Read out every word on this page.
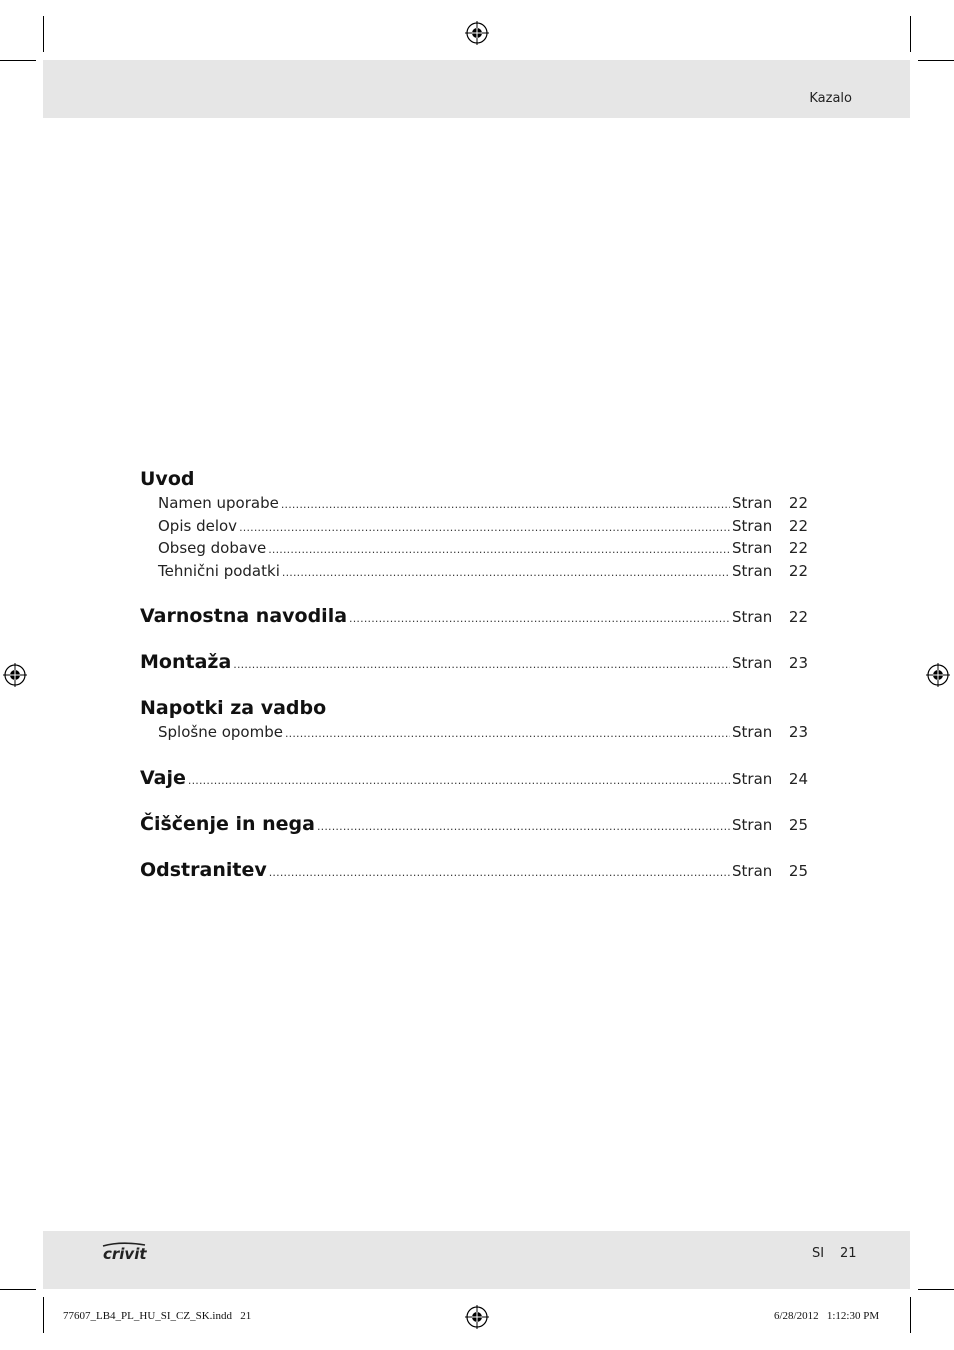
Kazalo
Uvod
Namen uporabe .....	Stran	22
Opis delov .....	Stran	22
Obseg dobave .....	Stran	22
Tehnični podatki .....	Stran	22
Varnostna navodila .....	Stran	22
Montaža .....	Stran	23
Napotki za vadbo
Splošne opombe .....	Stran	23
Vaje .....	Stran	24
Čiščenje in nega .....	Stran	25
Odstranitev .....	Stran	25
crivit	SI 21
77607_LB4_PL_HU_SI_CZ_SK.indd   21	6/28/2012   1:12:30 PM
